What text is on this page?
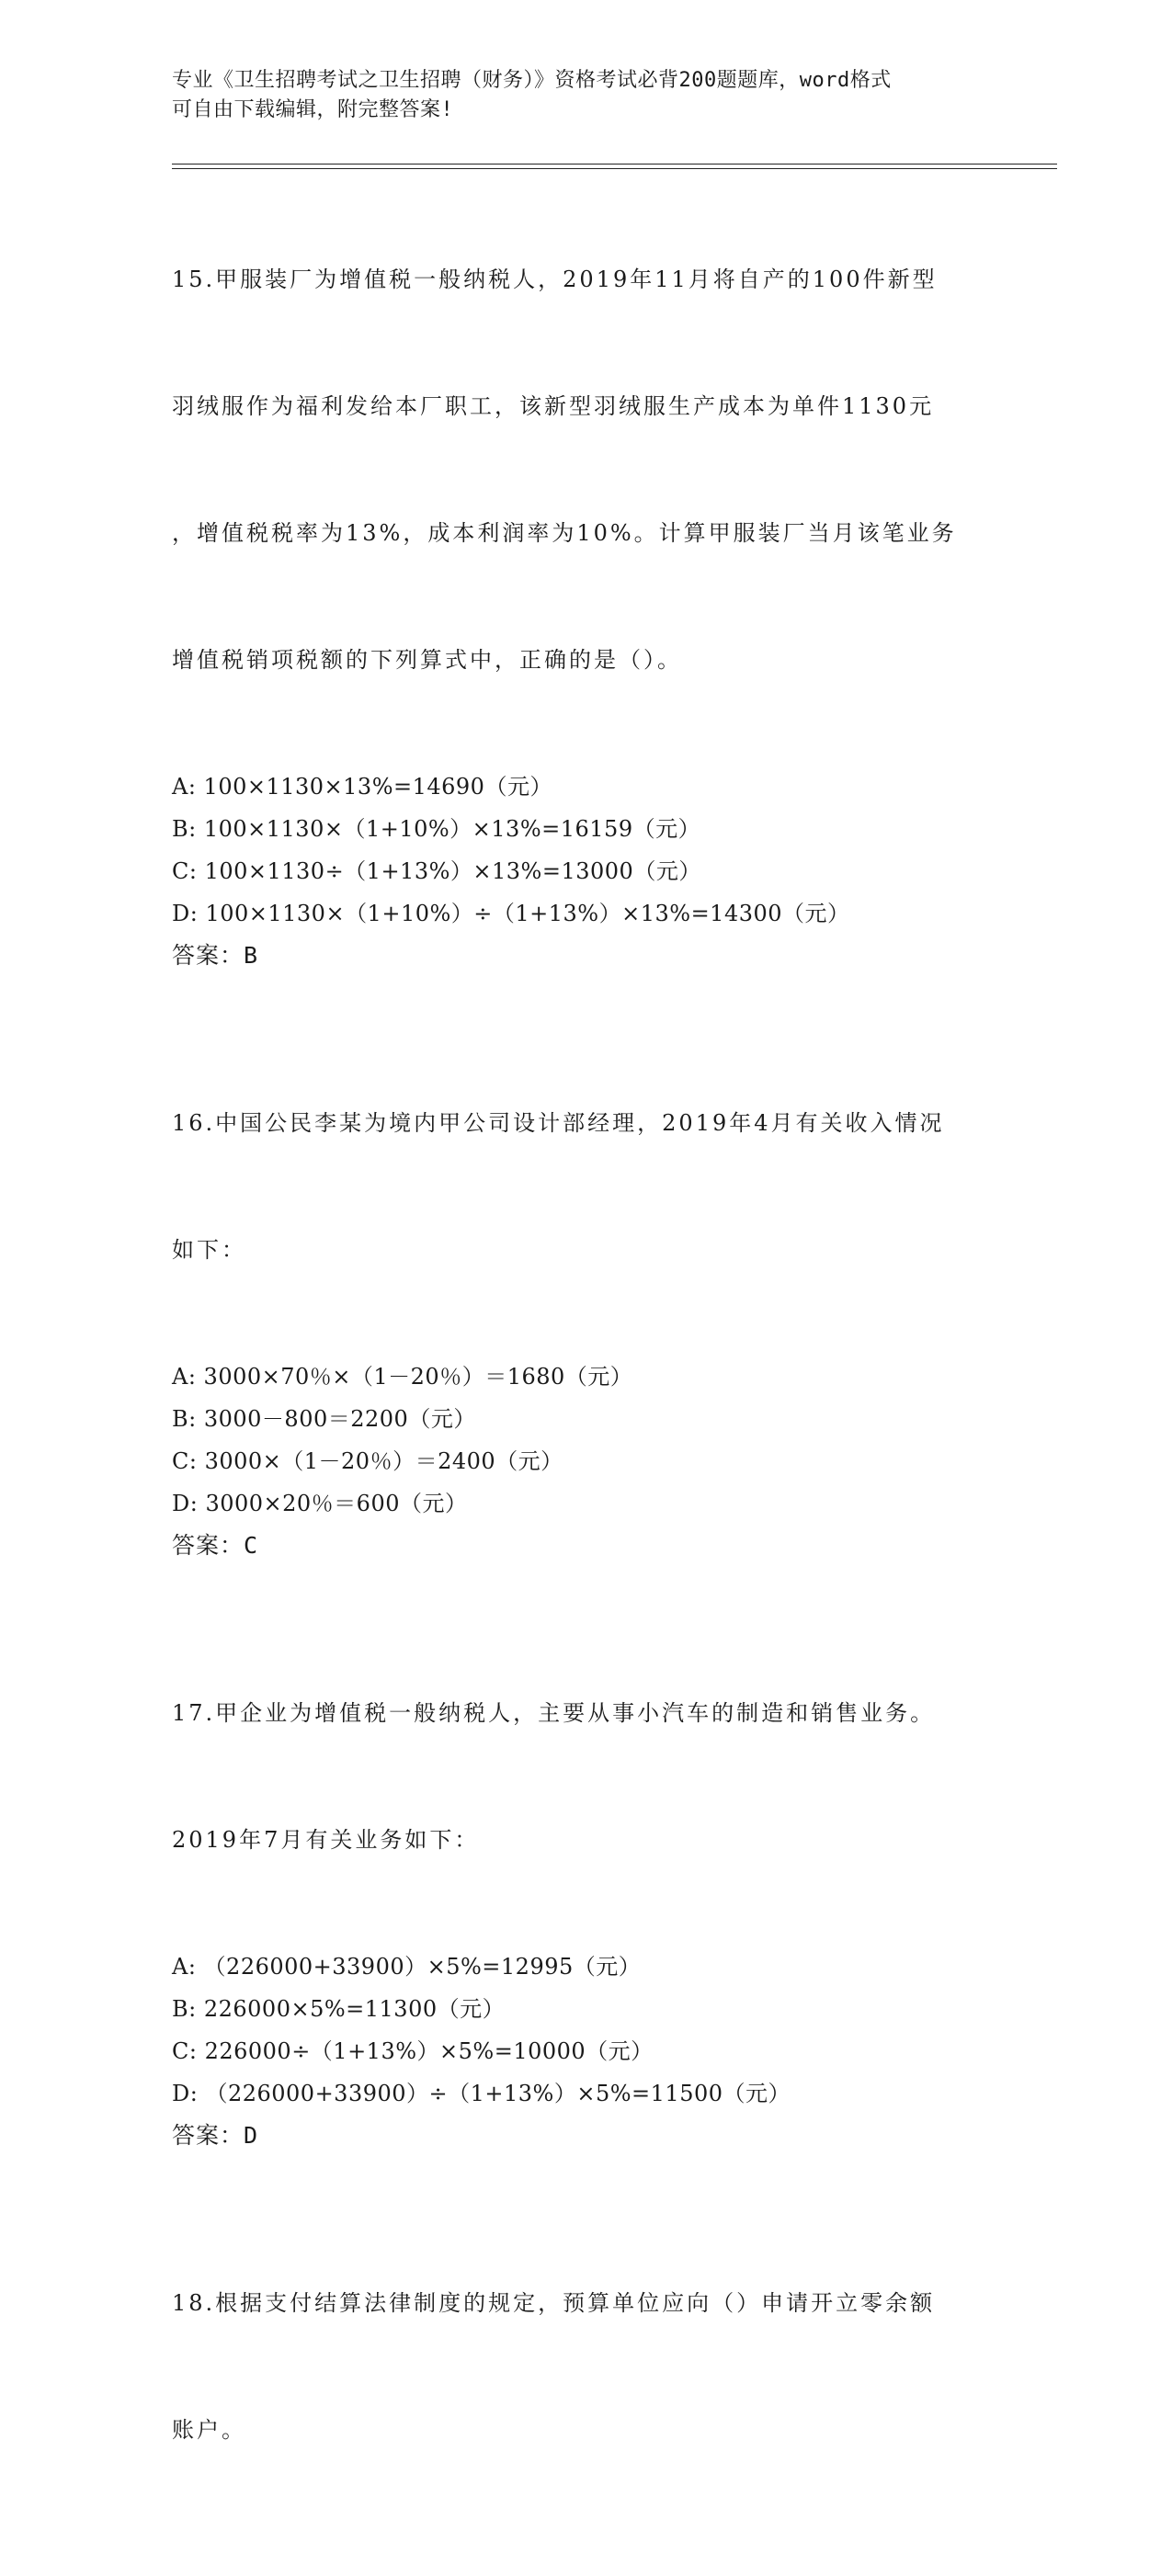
专业《卫生招聘考试之卫生招聘（财务）》资格考试必背200题题库，word格式
可自由下载编辑，附完整答案!

15.甲服装厂为增值税一般纳税人，2019年11月将自产的100件新型

羽绒服作为福利发给本厂职工，该新型羽绒服生产成本为单件1130元

，增值税税率为13%，成本利润率为10%。计算甲服装厂当月该笔业务

增值税销项税额的下列算式中，正确的是（）。

A: 100×1130×13%=14690（元）
B: 100×1130×（1+10%）×13%=16159（元）
C: 100×1130÷（1+13%）×13%=13000（元）
D: 100×1130×（1+10%）÷（1+13%）×13%=14300（元）
答案：B

16.中国公民李某为境内甲公司设计部经理，2019年4月有关收入情况

如下：

A: 3000×70％×（1－20％）＝1680（元）
B: 3000－800＝2200（元）
C: 3000×（1－20％）＝2400（元）
D: 3000×20％＝600（元）
答案：C

17.甲企业为增值税一般纳税人，主要从事小汽车的制造和销售业务。

2019年7月有关业务如下：

A: （226000+33900）×5%=12995（元）
B: 226000×5%=11300（元）
C: 226000÷（1+13%）×5%=10000（元）
D: （226000+33900）÷（1+13%）×5%=11500（元）
答案：D

18.根据支付结算法律制度的规定，预算单位应向（）申请开立零余额

账户。
